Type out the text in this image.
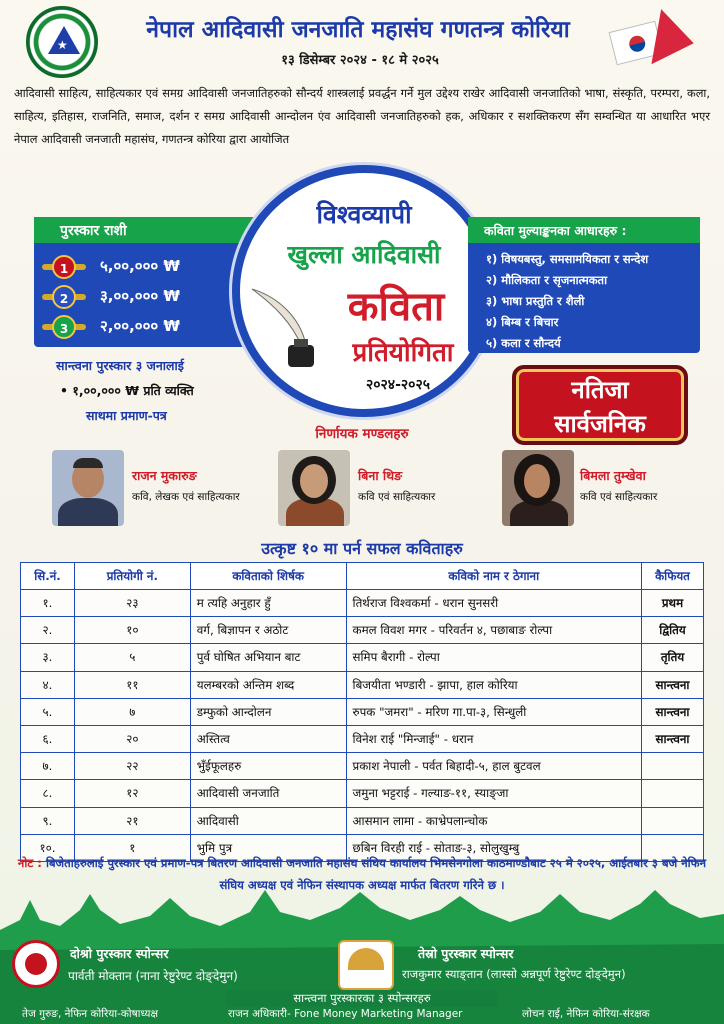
★
नेपाल आदिवासी जनजाति महासंघ गणतन्त्र कोरिया
१३ डिसेम्बर २०२४ - १८ मे २०२५
आदिवासी साहित्य, साहित्यकार एवं समग्र आदिवासी जनजातिहरुको सौन्दर्य शास्त्रलाई प्रवर्द्धन गर्ने मुल उद्देश्य राखेर आदिवासी जनजातिको भाषा, संस्कृति, परम्परा, कला, साहित्य, इतिहास, राजनिति, समाज, दर्शन र समग्र आदिवासी आन्दोलन एंव आदिवासी जनजातिहरुको हक, अधिकार र सशक्तिकरण सँग सम्वन्धित या आधारित भएर नेपाल आदिवासी जनजाती महासंघ, गणतन्त्र कोरिया द्वारा आयोजित
पुरस्कार राशी
1	५,००,००० ₩
2	३,००,००० ₩
3	२,००,००० ₩
सान्त्वना पुरस्कार ३ जनालाई
• १,००,००० ₩ प्रति व्यक्ति
साथमा प्रमाण-पत्र
विश्वव्यापी
खुल्ला आदिवासी
कविता
प्रतियोगिता
२०२४-२०२५
कविता मुल्याङ्कनका आधारहरु :
१) विषयबस्तु, समसामयिकता र सन्देश
२) मौलिकता र सृजनात्मकता
३) भाषा प्रस्तुति र शैली
४) बिम्ब र बिचार
५) कला र सौन्दर्य
नतिजा
सार्वजनिक
निर्णायक मण्डलहरु
राजन मुकारुङ
कवि, लेखक एवं साहित्यकार
बिना थिङ
कवि एवं साहित्यकार
बिमला तुम्खेवा
कवि एवं साहित्यकार
उत्कृष्ट १० मा पर्न सफल कविताहरु
सि.नं.	प्रतियोगी नं.	कविताको शिर्षक	कविको नाम र ठेगाना	कैफियत
१.	२३	म त्यहि अनुहार हुँ	तिर्थराज विश्वकर्मा - धरान सुनसरी	प्रथम
२.	१०	वर्ग, बिज्ञापन र अठोट	कमल विवश मगर - परिवर्तन ४, पछाबाङ रोल्पा	द्वितिय
३.	५	पुर्व घोषित अभियान बाट	समिप बैरागी - रोल्पा	तृतिय
४.	११	यलम्बरको अन्तिम शब्द	बिजयीता भण्डारी - झापा, हाल कोरिया	सान्त्वना
५.	७	डम्फुको आन्दोलन	रुपक "जमरा" - मरिण गा.पा-३, सिन्धुली	सान्त्वना
६.	२०	अस्तित्व	विनेश राई "मिन्जाई" - धरान	सान्त्वना
७.	२२	भुँईफूलहरु	प्रकाश नेपाली - पर्वत बिहादी-५, हाल बुटवल	
८.	१२	आदिवासी जनजाति	जमुना भट्टराई - गल्याङ-११, स्याङ्जा	
९.	२१	आदिवासी	आसमान लामा - काभ्रेपलान्चोक	
१०.	१	भुमि पुत्र	छबिन विरही राई - सोताङ-३, सोलुखुम्बु	
नोट : बिजेताहरुलाई पुरस्कार एवं प्रमाण-पत्र बितरण आदिवासी जनजाति महासंघ संघिय कार्यालय भिमसेनगोला काठमाण्डौबाट २५ मे २०२५, आईतबार ३ बजे नेफिन संघिय अध्यक्ष एवं नेफिन संस्थापक अध्यक्ष मार्फत बितरण गरिने छ ।
दोश्रो पुरस्कार स्पोन्सर
पार्वती मोक्तान (नाना रेष्टुरेण्ट दोङ्देमुन)
तेस्रो पुरस्कार स्पोन्सर
राजकुमार स्याङ्तान (लास्सो अन्नपूर्ण रेष्टुरेण्ट दोङ्देमुन)
सान्त्वना पुरस्कारका ३ स्पोन्सरहरु
तेज गुरुङ, नेफिन कोरिया-कोषाध्यक्ष	राजन अधिकारी- Fone Money Marketing Manager	लोचन राई, नेफिन कोरिया-संरक्षक
